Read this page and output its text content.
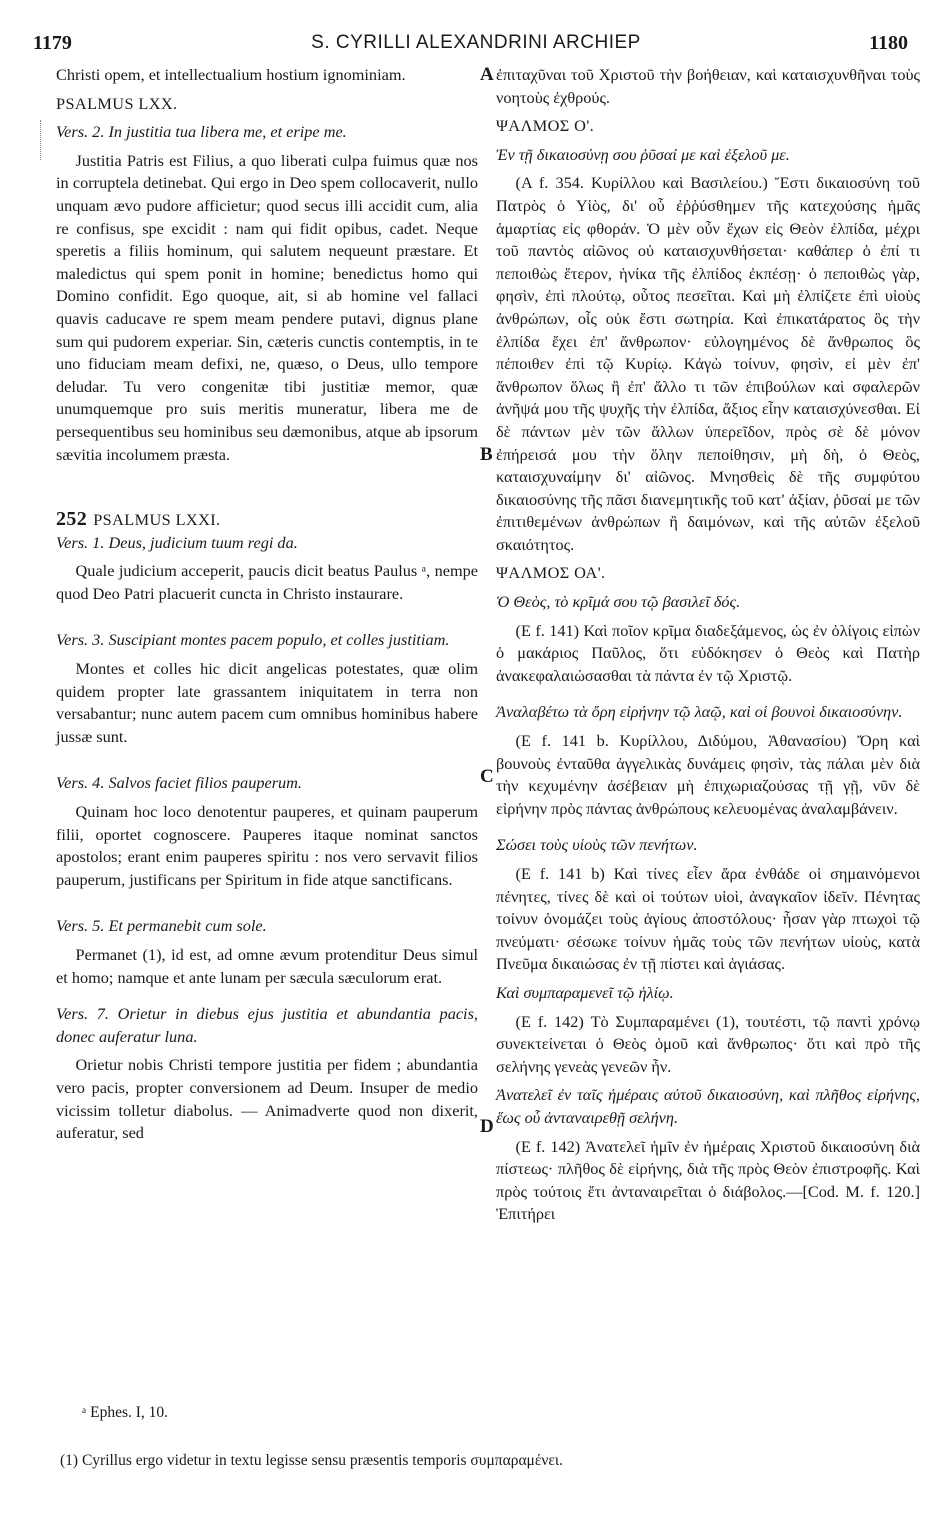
1179	S. CYRILLI ALEXANDRINI ARCHIEP	1180
A
B
C
D

Christi opem, et intellectualium hostium ignominiam.

PSALMUS LXX.

Vers. 2. In justitia tua libera me, et eripe me.

Justitia Patris est Filius, a quo liberati culpa fuimus quæ nos in corruptela detinebat. Qui ergo in Deo spem collocaverit, nullo unquam ævo pudore afficietur; quod secus illi accidit cum, alia re confisus, spe excidit : nam qui fidit opibus, cadet. Neque speretis a filiis hominum, qui salutem nequeunt præstare. Et maledictus qui spem ponit in homine; benedictus homo qui Domino confidit. Ego quoque, ait, si ab homine vel fallaci quavis caducave re spem meam pendere putavi, dignus plane sum qui pudorem experiar. Sin, cæteris cunctis contemptis, in te uno fiduciam meam defixi, ne, quæso, o Deus, ullo tempore deludar. Tu vero congenitæ tibi justitiæ memor, quæ unumquemque pro suis meritis muneratur, libera me de persequentibus seu hominibus seu dæmonibus, atque ab ipsorum sævitia incolumem præsta.

252 PSALMUS LXXI.

Vers. 1. Deus, judicium tuum regi da.

Quale judicium acceperit, paucis dicit beatus Paulus ᵃ, nempe quod Deo Patri placuerit cuncta in Christo instaurare.

Vers. 3. Suscipiant montes pacem populo, et colles justitiam.

Montes et colles hic dicit angelicas potestates, quæ olim quidem propter late grassantem iniquitatem in terra non versabantur; nunc autem pacem cum omnibus hominibus habere jussæ sunt.

Vers. 4. Salvos faciet filios pauperum.

Quinam hoc loco denotentur pauperes, et quinam pauperum filii, oportet cognoscere. Pauperes itaque nominat sanctos apostolos; erant enim pauperes spiritu : nos vero servavit filios pauperum, justificans per Spiritum in fide atque sanctificans.

Vers. 5. Et permanebit cum sole.

Permanet (1), id est, ad omne ævum protenditur Deus simul et homo; namque et ante lunam per sæcula sæculorum erat.

Vers. 7. Orietur in diebus ejus justitia et abundantia pacis, donec auferatur luna.

Orietur nobis Christi tempore justitia per fidem ; abundantia vero pacis, propter conversionem ad Deum. Insuper de medio vicissim tolletur diabolus. — Animadverte quod non dixerit, auferatur, sed

ἐπιταχῦναι τοῦ Χριστοῦ τὴν βοήθειαν, καὶ καταισχυνθῆναι τοὺς νοητοὺς ἐχθρούς.

ΨΑΛΜΟΣ Ο'.

Ἐν τῇ δικαιοσύνῃ σου ῥῦσαί με καὶ ἐξελοῦ με.

(A f. 354. Κυρίλλου καὶ Βασιλείου.) Ἔστι δικαιοσύνη τοῦ Πατρὸς ὁ Υἱὸς, δι' οὗ ἐῤῥύσθημεν τῆς κατεχούσης ἡμᾶς ἁμαρτίας εἰς φθοράν. Ὁ μὲν οὖν ἔχων εἰς Θεὸν ἐλπίδα, μέχρι τοῦ παντὸς αἰῶνος οὐ καταισχυνθήσεται· καθάπερ ὁ ἐπί τι πεποιθὼς ἕτερον, ἡνίκα τῆς ἐλπίδος ἐκπέσῃ· ὁ πεποιθὼς γὰρ, φησὶν, ἐπὶ πλούτῳ, οὗτος πεσεῖται. Καὶ μὴ ἐλπίζετε ἐπὶ υἱοὺς ἀνθρώπων, οἷς οὐκ ἔστι σωτηρία. Καὶ ἐπικατάρατος ὃς τὴν ἐλπίδα ἔχει ἐπ' ἄνθρωπον· εὐλογημένος δὲ ἄνθρωπος ὃς πέποιθεν ἐπὶ τῷ Κυρίῳ. Κἀγὼ τοίνυν, φησὶν, εἰ μὲν ἐπ' ἄνθρωπον ὅλως ἢ ἐπ' ἄλλο τι τῶν ἐπιβούλων καὶ σφαλερῶν ἀνῆψά μου τῆς ψυχῆς τὴν ἐλπίδα, ἄξιος εἶην καταισχύνεσθαι. Εἰ δὲ πάντων μὲν τῶν ἄλλων ὑπερεῖδον, πρὸς σὲ δὲ μόνον ἐπήρεισά μου τὴν ὅλην πεποίθησιν, μὴ δὴ, ὁ Θεὸς, καταισχυναίμην δι' αἰῶνος. Μνησθεὶς δὲ τῆς συμφύτου δικαιοσύνης τῆς πᾶσι διανεμητικῆς τοῦ κατ' ἀξίαν, ῥῦσαί με τῶν ἐπιτιθεμένων ἀνθρώπων ἢ δαιμόνων, καὶ τῆς αὐτῶν ἐξελοῦ σκαιότητος.

ΨΑΛΜΟΣ ΟΑ'.

Ὁ Θεὸς, τὸ κρῖμά σου τῷ βασιλεῖ δός.

(E f. 141) Καὶ ποῖον κρῖμα διαδεξάμενος, ὡς ἐν ὀλίγοις εἰπὼν ὁ μακάριος Παῦλος, ὅτι εὐδόκησεν ὁ Θεὸς καὶ Πατὴρ ἀνακεφαλαιώσασθαι τὰ πάντα ἐν τῷ Χριστῷ.

Ἀναλαβέτω τὰ ὄρη εἰρήνην τῷ λαῷ, καὶ οἱ βουνοὶ δικαιοσύνην.

(E f. 141 b. Κυρίλλου, Διδύμου, Ἀθανασίου) Ὄρη καὶ βουνοὺς ἐνταῦθα ἀγγελικὰς δυνάμεις φησὶν, τὰς πάλαι μὲν διὰ τὴν κεχυμένην ἀσέβειαν μὴ ἐπιχωριαζούσας τῇ γῇ, νῦν δὲ εἰρήνην πρὸς πάντας ἀνθρώπους κελευομένας ἀναλαμβάνειν.

Σώσει τοὺς υἱοὺς τῶν πενήτων.

(E f. 141 b) Καὶ τίνες εἶεν ἄρα ἐνθάδε οἱ σημαινόμενοι πένητες, τίνες δὲ καὶ οἱ τούτων υἱοὶ, ἀναγκαῖον ἰδεῖν. Πένητας τοίνυν ὀνομάζει τοὺς ἁγίους ἀποστόλους· ἦσαν γὰρ πτωχοὶ τῷ πνεύματι· σέσωκε τοίνυν ἡμᾶς τοὺς τῶν πενήτων υἱοὺς, κατὰ Πνεῦμα δικαιώσας ἐν τῇ πίστει καὶ ἁγιάσας.

Καὶ συμπαραμενεῖ τῷ ἡλίῳ.

(E f. 142) Τὸ Συμπαραμένει (1), τουτέστι, τῷ παντὶ χρόνῳ συνεκτείνεται ὁ Θεὸς ὁμοῦ καὶ ἄνθρωπος· ὅτι καὶ πρὸ τῆς σελήνης γενεὰς γενεῶν ἦν.

Ἀνατελεῖ ἐν ταῖς ἡμέραις αὐτοῦ δικαιοσύνη, καὶ πλῆθος εἰρήνης, ἕως οὗ ἀνταναιρεθῇ σελήνη.

(E f. 142) Ἀνατελεῖ ἡμῖν ἐν ἡμέραις Χριστοῦ δικαιοσύνη διὰ πίστεως· πλῆθος δὲ εἰρήνης, διὰ τῆς πρὸς Θεὸν ἐπιστροφῆς. Καὶ πρὸς τούτοις ἔτι ἀνταναιρεῖται ὁ διάβολος.—[Cod. M. f. 120.] Ἐπιτήρει

ᵃ Ephes. I, 10.
(1) Cyrillus ergo videtur in textu legisse sensu præsentis temporis συμπαραμένει.
